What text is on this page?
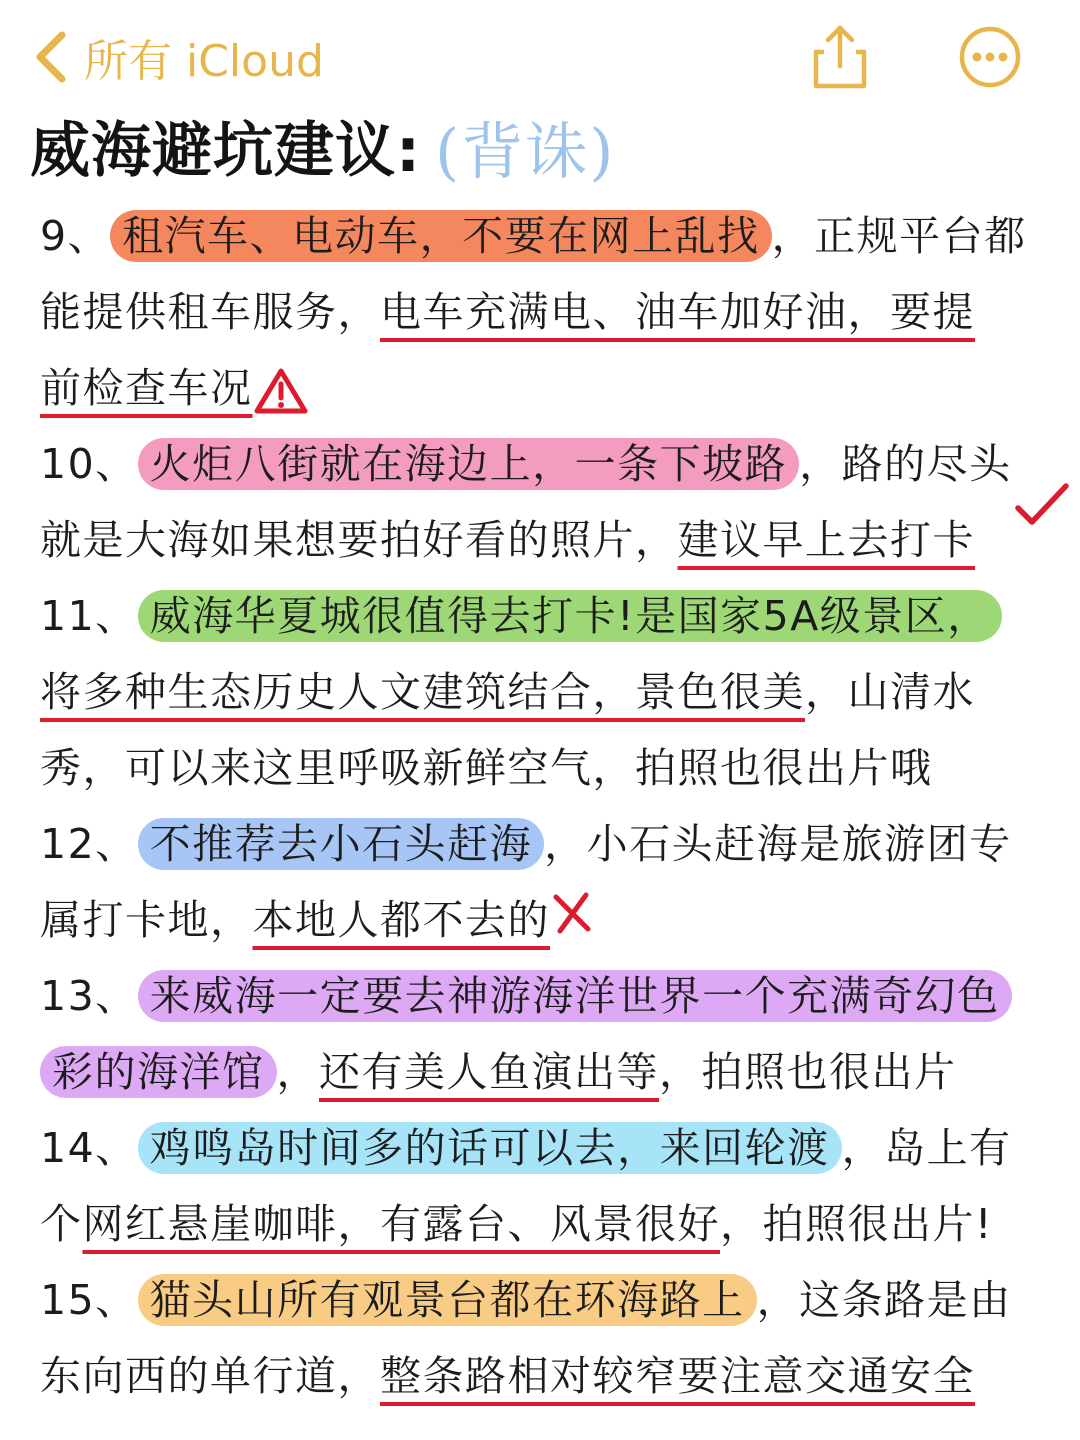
所有 iCloud
威海避坑建议: (背诛)
9、 租汽车、电动车，不要在网上乱找 ，正规平台都
能提供租车服务，电车充满电、油车加好油，要提
前检查车况
10、 火炬八街就在海边上，一条下坡路 ，路的尽头
就是大海如果想要拍好看的照片，建议早上去打卡
11、 威海华夏城很值得去打卡!是国家5A级景区，
将多种生态历史人文建筑结合，景色很美，山清水
秀，可以来这里呼吸新鲜空气，拍照也很出片哦
12、 不推荐去小石头赶海 ，小石头赶海是旅游团专
属打卡地，本地人都不去的
13、 来威海一定要去神游海洋世界一个充满奇幻色
彩的海洋馆 ，还有美人鱼演出等，拍照也很出片
14、 鸡鸣岛时间多的话可以去，来回轮渡 ，岛上有
个网红悬崖咖啡，有露台、风景很好，拍照很出片!
15、 猫头山所有观景台都在环海路上 ，这条路是由
东向西的单行道，整条路相对较窄要注意交通安全
